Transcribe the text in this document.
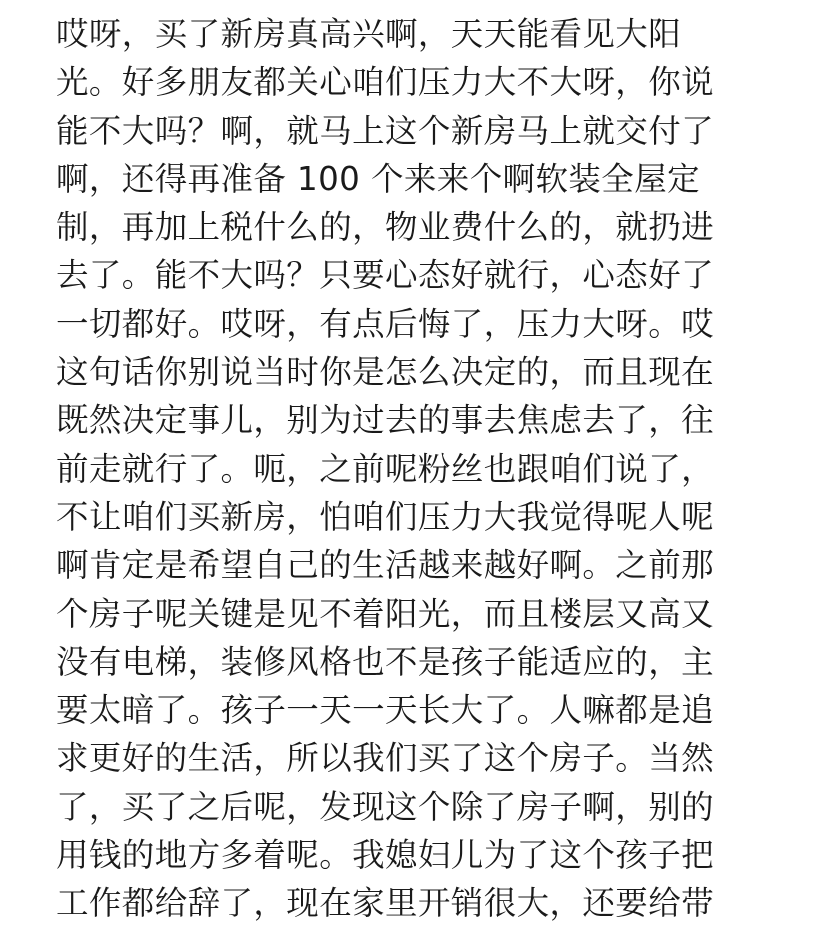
哎呀，买了新房真高兴啊，天天能看见大阳
光。好多朋友都关心咱们压力大不大呀，你说
能不大吗？啊，就马上这个新房马上就交付了
啊，还得再准备 100 个来来个啊软装全屋定
制，再加上税什么的，物业费什么的，就扔进
去了。能不大吗？只要心态好就行，心态好了
一切都好。哎呀，有点后悔了，压力大呀。哎
这句话你别说当时你是怎么决定的，而且现在
既然决定事儿，别为过去的事去焦虑去了，往
前走就行了。呃，之前呢粉丝也跟咱们说了，
不让咱们买新房，怕咱们压力大我觉得呢人呢
啊肯定是希望自己的生活越来越好啊。之前那
个房子呢关键是见不着阳光，而且楼层又高又
没有电梯，装修风格也不是孩子能适应的，主
要太暗了。孩子一天一天长大了。人嘛都是追
求更好的生活，所以我们买了这个房子。当然
了，买了之后呢，发现这个除了房子啊，别的
用钱的地方多着呢。我媳妇儿为了这个孩子把
工作都给辞了，现在家里开销很大，还要给带
